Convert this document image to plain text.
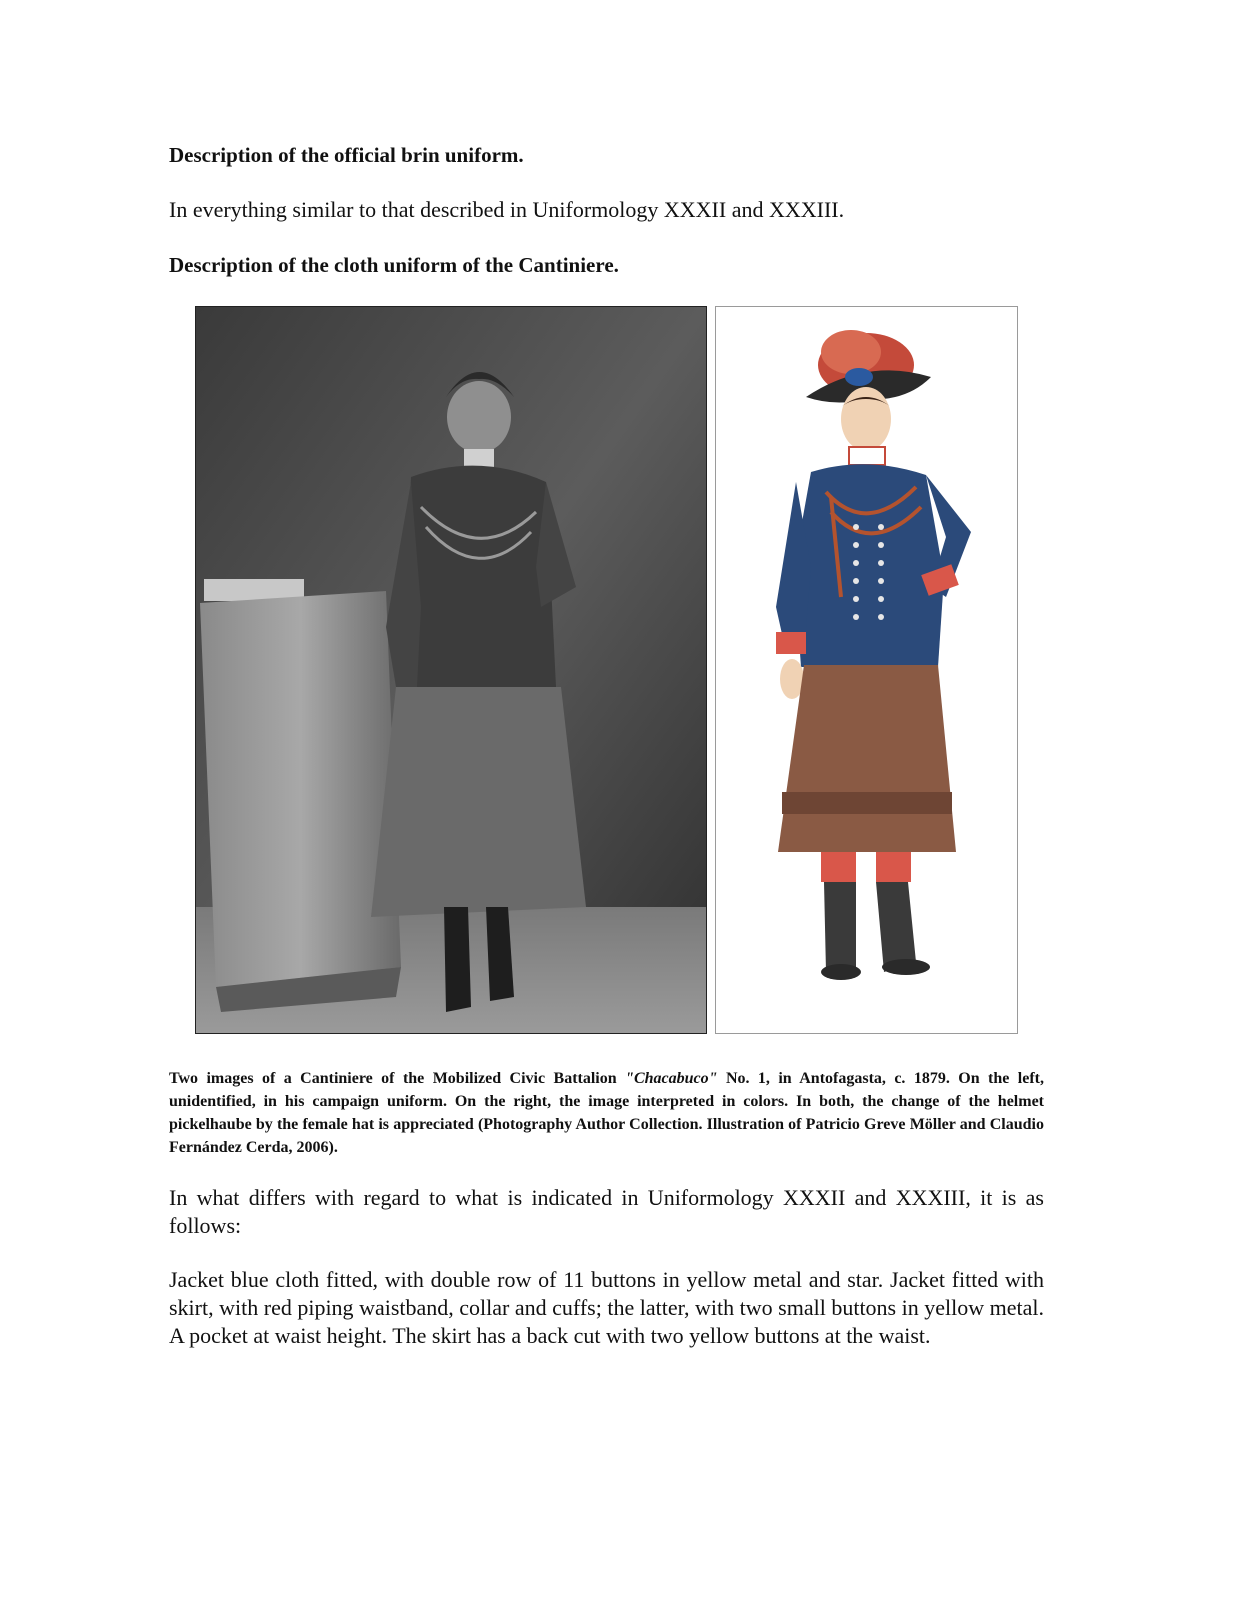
Description of the official brin uniform.
In everything similar to that described in Uniformology XXXII and XXXIII.
Description of the cloth uniform of the Cantiniere.
Two images of a Cantiniere of the Mobilized Civic Battalion "Chacabuco" No. 1, in Antofagasta, c. 1879. On the left, unidentified, in his campaign uniform. On the right, the image interpreted in colors. In both, the change of the helmet pickelhaube by the female hat is appreciated (Photography Author Collection. Illustration of Patricio Greve Möller and Claudio Fernández Cerda, 2006).
In what differs with regard to what is indicated in Uniformology XXXII and XXXIII, it is as follows:
Jacket blue cloth fitted, with double row of 11 buttons in yellow metal and star. Jacket fitted with skirt, with red piping waistband, collar and cuffs; the latter, with two small buttons in yellow metal. A pocket at waist height. The skirt has a back cut with two yellow buttons at the waist.
